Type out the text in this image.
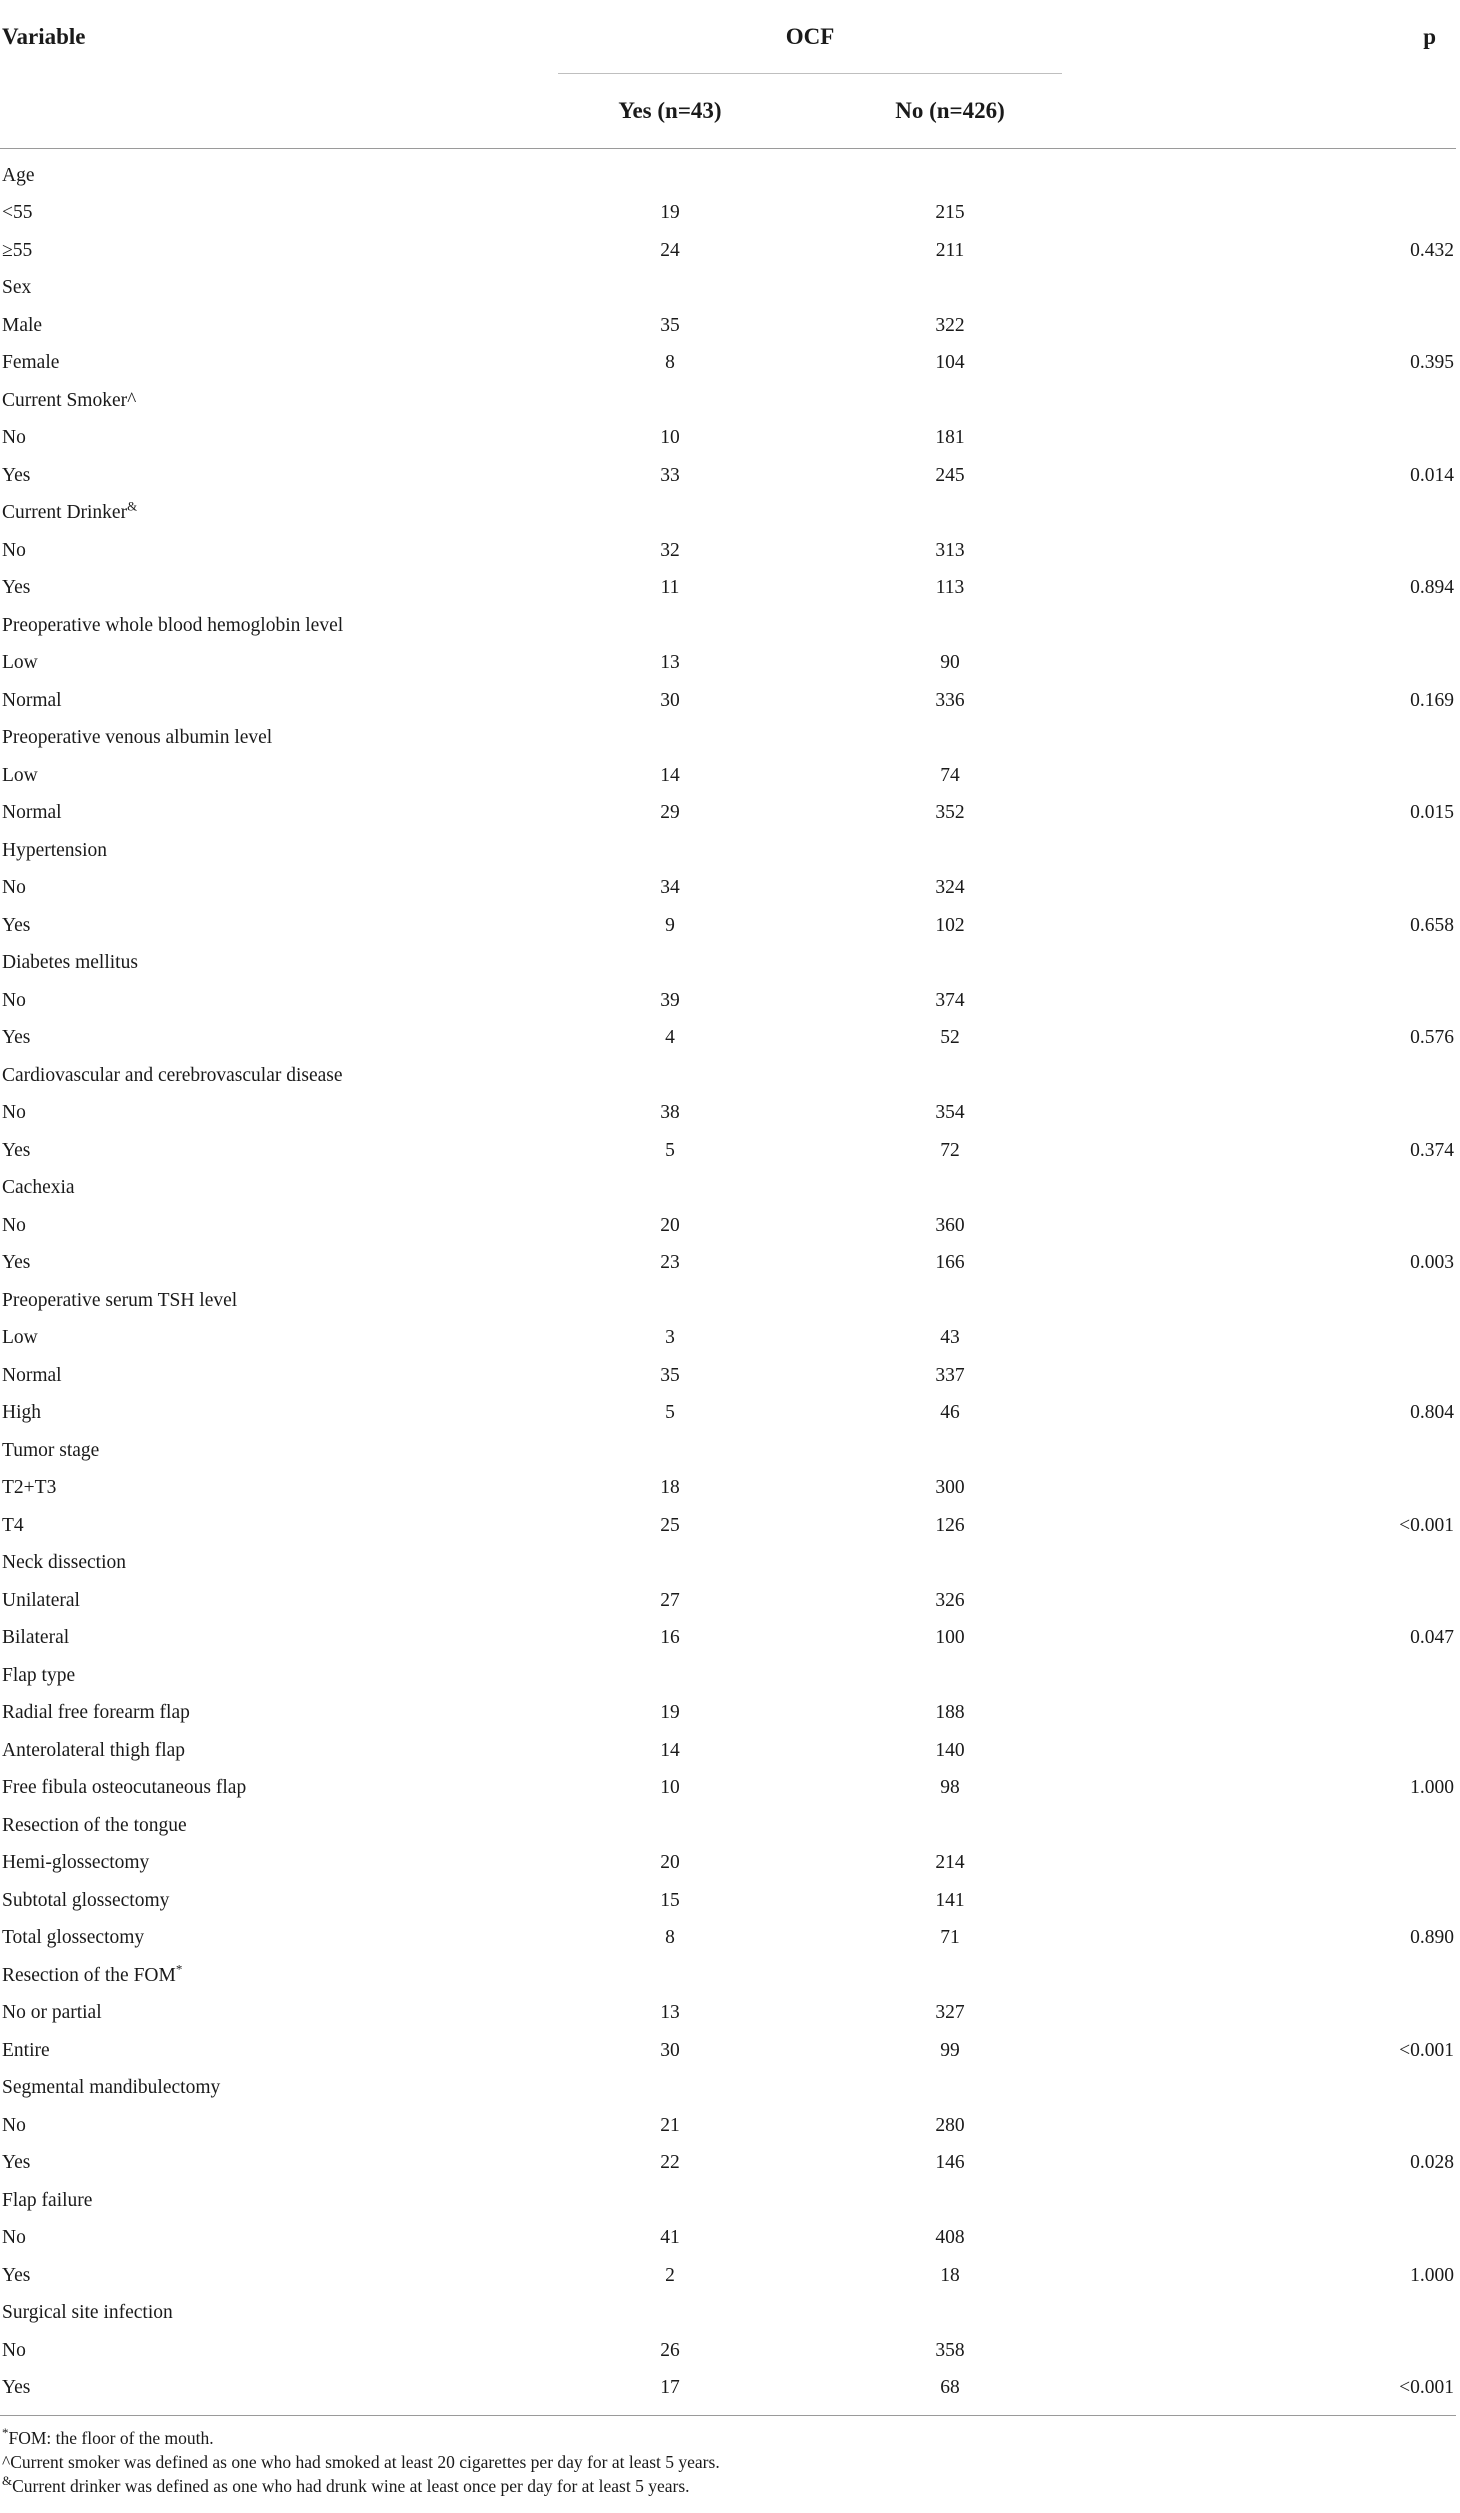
Variable	OCF		p
	Yes (n=43)	No (n=426)	
Age			
<55	19	215	
≥55	24	211	0.432
Sex			
Male	35	322	
Female	8	104	0.395
Current Smoker^			
No	10	181	
Yes	33	245	0.014
Current Drinker&			
No	32	313	
Yes	11	113	0.894
Preoperative whole blood hemoglobin level			
Low	13	90	
Normal	30	336	0.169
Preoperative venous albumin level			
Low	14	74	
Normal	29	352	0.015
Hypertension			
No	34	324	
Yes	9	102	0.658
Diabetes mellitus			
No	39	374	
Yes	4	52	0.576
Cardiovascular and cerebrovascular disease			
No	38	354	
Yes	5	72	0.374
Cachexia			
No	20	360	
Yes	23	166	0.003
Preoperative serum TSH level			
Low	3	43	
Normal	35	337	
High	5	46	0.804
Tumor stage			
T2+T3	18	300	
T4	25	126	<0.001
Neck dissection			
Unilateral	27	326	
Bilateral	16	100	0.047
Flap type			
Radial free forearm flap	19	188	
Anterolateral thigh flap	14	140	
Free fibula osteocutaneous flap	10	98	1.000
Resection of the tongue			
Hemi-glossectomy	20	214	
Subtotal glossectomy	15	141	
Total glossectomy	8	71	0.890
Resection of the FOM*			
No or partial	13	327	
Entire	30	99	<0.001
Segmental mandibulectomy			
No	21	280	
Yes	22	146	0.028
Flap failure			
No	41	408	
Yes	2	18	1.000
Surgical site infection			
No	26	358	
Yes	17	68	<0.001
*FOM: the floor of the mouth.
^Current smoker was defined as one who had smoked at least 20 cigarettes per day for at least 5 years.
&Current drinker was defined as one who had drunk wine at least once per day for at least 5 years.
